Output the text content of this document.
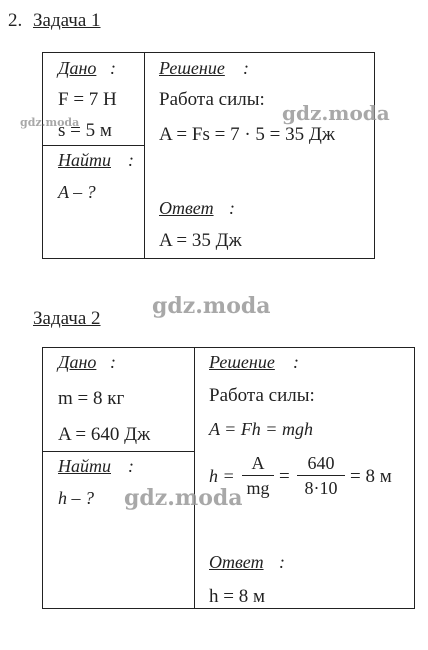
2. Задача 1
Дано :
F = 7 Н
s = 5 м
Найти :
A – ?
Решение :
Работа силы:
A = Fs = 7 · 5 = 35 Дж
Ответ :
A = 35 Дж
Задача 2
Дано :
m = 8 кг
A = 640 Дж
Найти :
h – ?
Решение :
Работа силы:
A = Fh = mgh
h =
A
mg
=
640
8·10
= 8 м
Ответ :
h = 8 м
gdz.moda	gdz.moda
gdz.moda
gdz.moda
